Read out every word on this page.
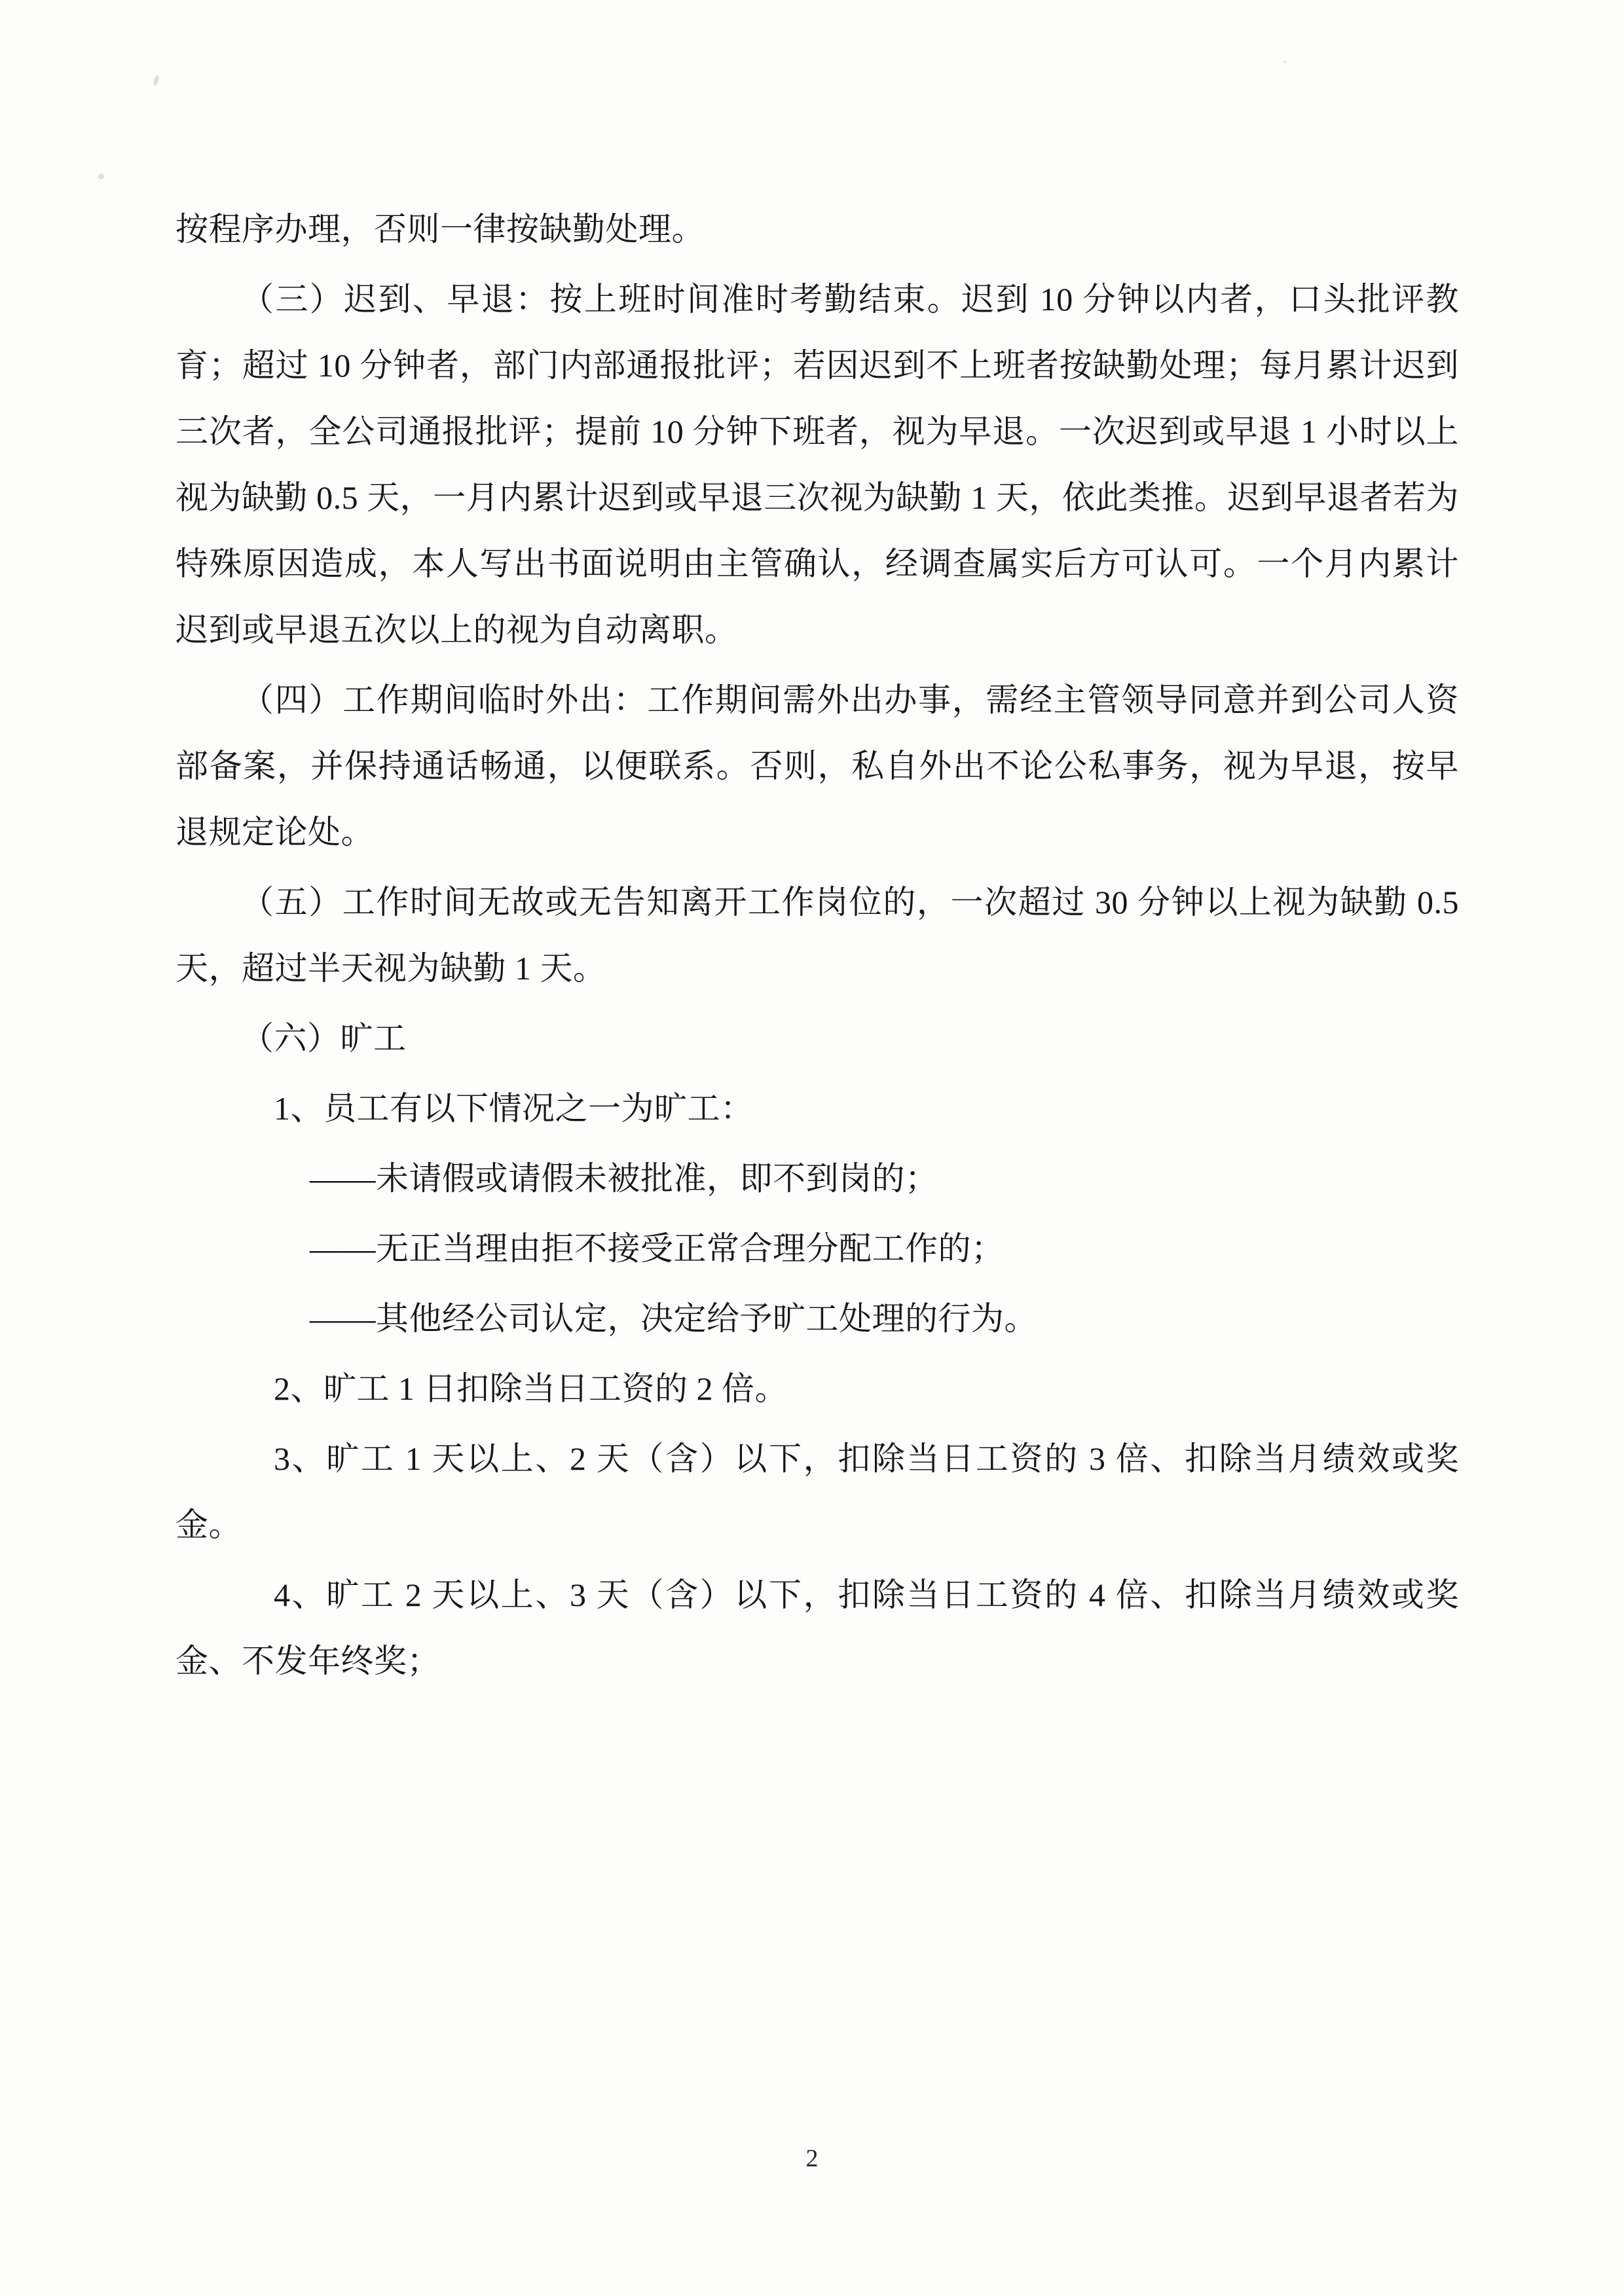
按程序办理，否则一律按缺勤处理。

（三）迟到、早退：按上班时间准时考勤结束。迟到 10 分钟以内者，口头批评教育；超过 10 分钟者，部门内部通报批评；若因迟到不上班者按缺勤处理；每月累计迟到三次者，全公司通报批评；提前 10 分钟下班者，视为早退。一次迟到或早退 1 小时以上视为缺勤 0.5 天，一月内累计迟到或早退三次视为缺勤 1 天，依此类推。迟到早退者若为特殊原因造成，本人写出书面说明由主管确认，经调查属实后方可认可。一个月内累计迟到或早退五次以上的视为自动离职。

（四）工作期间临时外出：工作期间需外出办事，需经主管领导同意并到公司人资部备案，并保持通话畅通，以便联系。否则，私自外出不论公私事务，视为早退，按早退规定论处。

（五）工作时间无故或无告知离开工作岗位的，一次超过 30 分钟以上视为缺勤 0.5 天，超过半天视为缺勤 1 天。

（六）旷工

1、员工有以下情况之一为旷工：

——未请假或请假未被批准，即不到岗的；

——无正当理由拒不接受正常合理分配工作的；

——其他经公司认定，决定给予旷工处理的行为。

2、旷工 1 日扣除当日工资的 2 倍。

3、旷工 1 天以上、2 天（含）以下，扣除当日工资的 3 倍、扣除当月绩效或奖金。

4、旷工 2 天以上、3 天（含）以下，扣除当日工资的 4 倍、扣除当月绩效或奖金、不发年终奖；

2
